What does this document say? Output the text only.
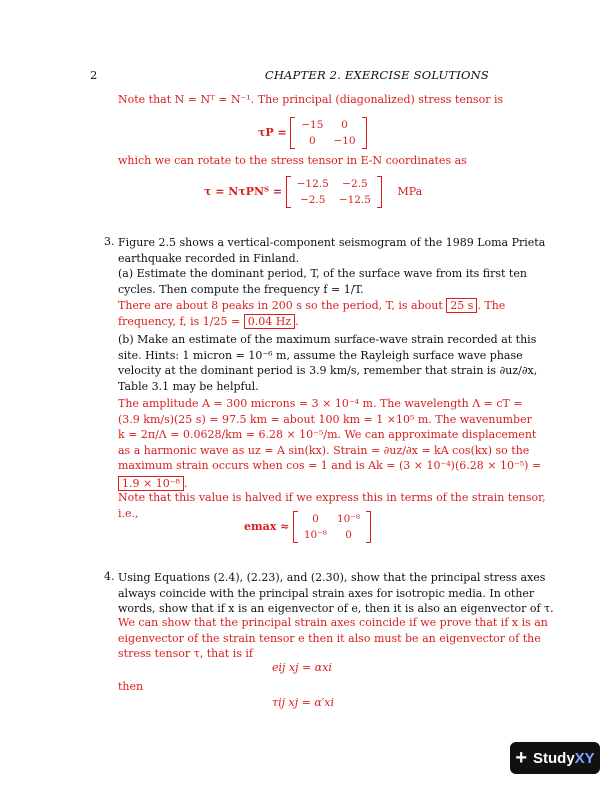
2	CHAPTER 2. EXERCISE SOLUTIONS
Note that N = Nᵀ = N⁻¹. The principal (diagonalized) stress tensor is
τP =
−15	0
0	−10
which we can rotate to the stress tensor in E-N coordinates as
τ = NτPNᵀ =
−12.5	−2.5
−2.5	−12.5
MPa
3. Figure 2.5 shows a vertical-component seismogram of the 1989 Loma Prieta
earthquake recorded in Finland.
(a) Estimate the dominant period, T, of the surface wave from its first ten
cycles. Then compute the frequency f = 1/T.
There are about 8 peaks in 200 s so the period, T, is about 25 s . The
frequency, f, is 1/25 = 0.04 Hz .
(b) Make an estimate of the maximum surface-wave strain recorded at this
site. Hints: 1 micron = 10⁻⁶ m, assume the Rayleigh surface wave phase
velocity at the dominant period is 3.9 km/s, remember that strain is ∂uz/∂x,
Table 3.1 may be helpful.
The amplitude A = 300 microns = 3 × 10⁻⁴ m. The wavelength Λ = cT =
(3.9 km/s)(25 s) = 97.5 km = about 100 km = 1 ×10⁵ m. The wavenumber
k = 2π/Λ = 0.0628/km = 6.28 × 10⁻⁵/m. We can approximate displacement
as a harmonic wave as uz = A sin(kx). Strain = ∂uz/∂x = kA cos(kx) so the
maximum strain occurs when cos = 1 and is Ak = (3 × 10⁻⁴)(6.28 × 10⁻⁵) =
1.9 × 10⁻⁸ .
Note that this value is halved if we express this in terms of the strain tensor,
i.e.,
emax ≈
0	10⁻⁸
10⁻⁸	0
4. Using Equations (2.4), (2.23), and (2.30), show that the principal stress axes
always coincide with the principal strain axes for isotropic media. In other
words, show that if x is an eigenvector of e, then it is also an eigenvector of τ.
We can show that the principal strain axes coincide if we prove that if x is an
eigenvector of the strain tensor e then it also must be an eigenvector of the
stress tensor τ, that is if
eij xj = αxi
then
τij xj = α′xi
+ Study XY
